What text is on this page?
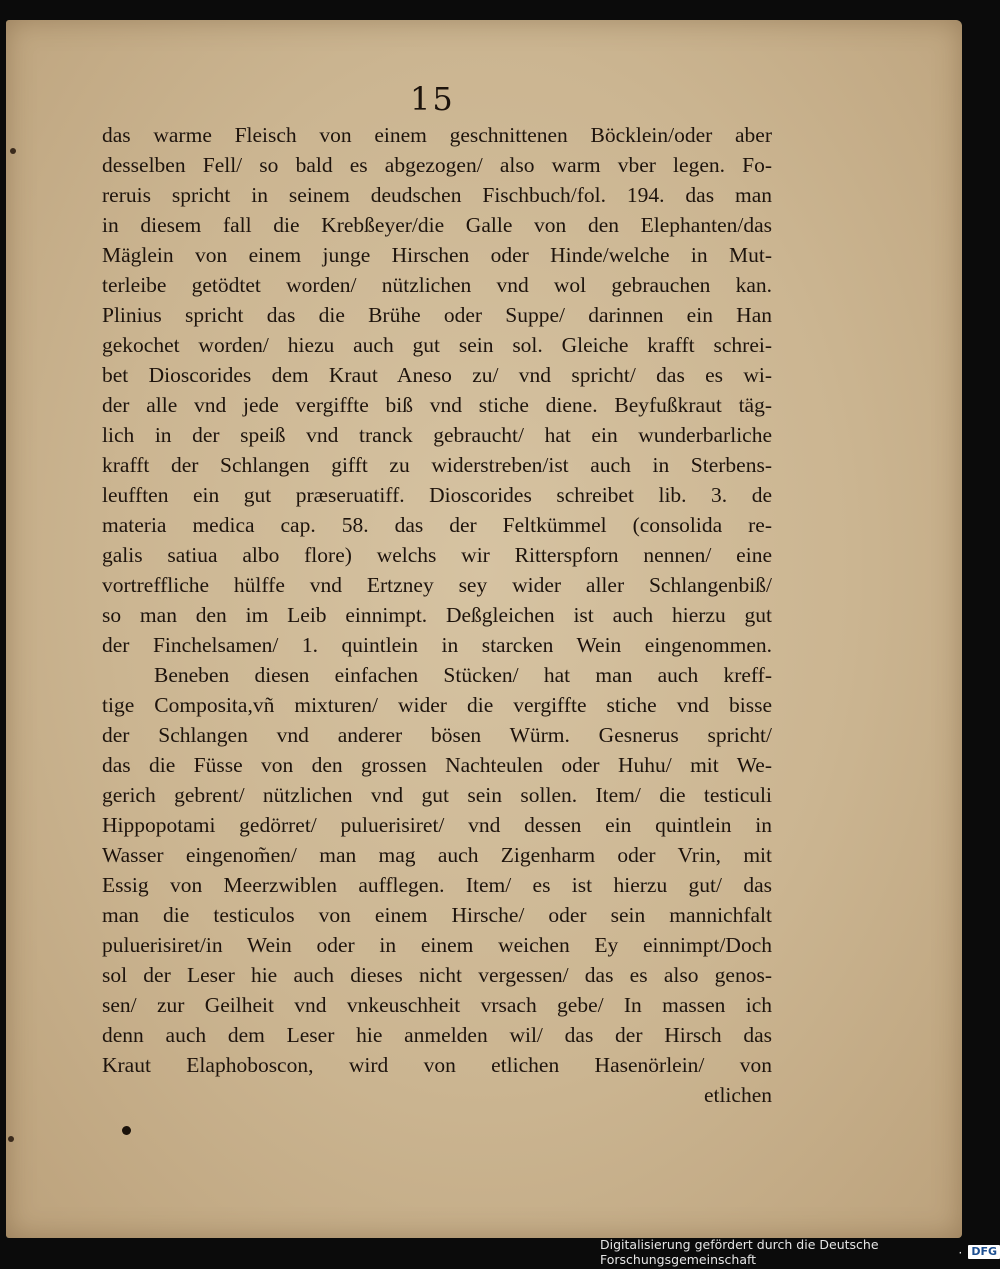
15
das warme Fleisch von einem geschnittenen Böcklein/oder aber
desselben Fell/ so bald es abgezogen/ also warm vber legen. Fo-
reruis spricht in seinem deudschen Fischbuch/fol. 194. das man
in diesem fall die Krebßeyer/die Galle von den Elephanten/das
Mäglein von einem junge Hirschen oder Hinde/welche in Mut-
terleibe getödtet worden/ nützlichen vnd wol gebrauchen kan.
Plinius spricht das die Brühe oder Suppe/ darinnen ein Han
gekochet worden/ hiezu auch gut sein sol. Gleiche krafft schrei-
bet Dioscorides dem Kraut Aneso zu/ vnd spricht/ das es wi-
der alle vnd jede vergiffte biß vnd stiche diene. Beyfußkraut täg-
lich in der speiß vnd tranck gebraucht/ hat ein wunderbarliche
krafft der Schlangen gifft zu widerstreben/ist auch in Sterbens-
leufften ein gut præseruatiff. Dioscorides schreibet lib. 3. de
materia medica cap. 58. das der Feltkümmel (consolida re-
galis satiua albo flore) welchs wir Ritterspforn nennen/ eine
vortreffliche hülffe vnd Ertzney sey wider aller Schlangenbiß/
so man den im Leib einnimpt. Deßgleichen ist auch hierzu gut
der Finchelsamen/ 1. quintlein in starcken Wein eingenommen.
Beneben diesen einfachen Stücken/ hat man auch kreff-
tige Composita,vñ mixturen/ wider die vergiffte stiche vnd bisse
der Schlangen vnd anderer bösen Würm. Gesnerus spricht/
das die Füsse von den grossen Nachteulen oder Huhu/ mit We-
gerich gebrent/ nützlichen vnd gut sein sollen. Item/ die testiculi
Hippopotami gedörret/ puluerisiret/ vnd dessen ein quintlein in
Wasser eingenom̃en/ man mag auch Zigenharm oder Vrin, mit
Essig von Meerzwiblen aufflegen. Item/ es ist hierzu gut/ das
man die testiculos von einem Hirsche/ oder sein mannichfalt
puluerisiret/in Wein oder in einem weichen Ey einnimpt/Doch
sol der Leser hie auch dieses nicht vergessen/ das es also genos-
sen/ zur Geilheit vnd vnkeuschheit vrsach gebe/ In massen ich
denn auch dem Leser hie anmelden wil/ das der Hirsch das
Kraut Elaphoboscon, wird von etlichen Hasenörlein/ von
etlichen
Digitalisierung gefördert durch die Deutsche Forschungsgemeinschaft	· DFG
